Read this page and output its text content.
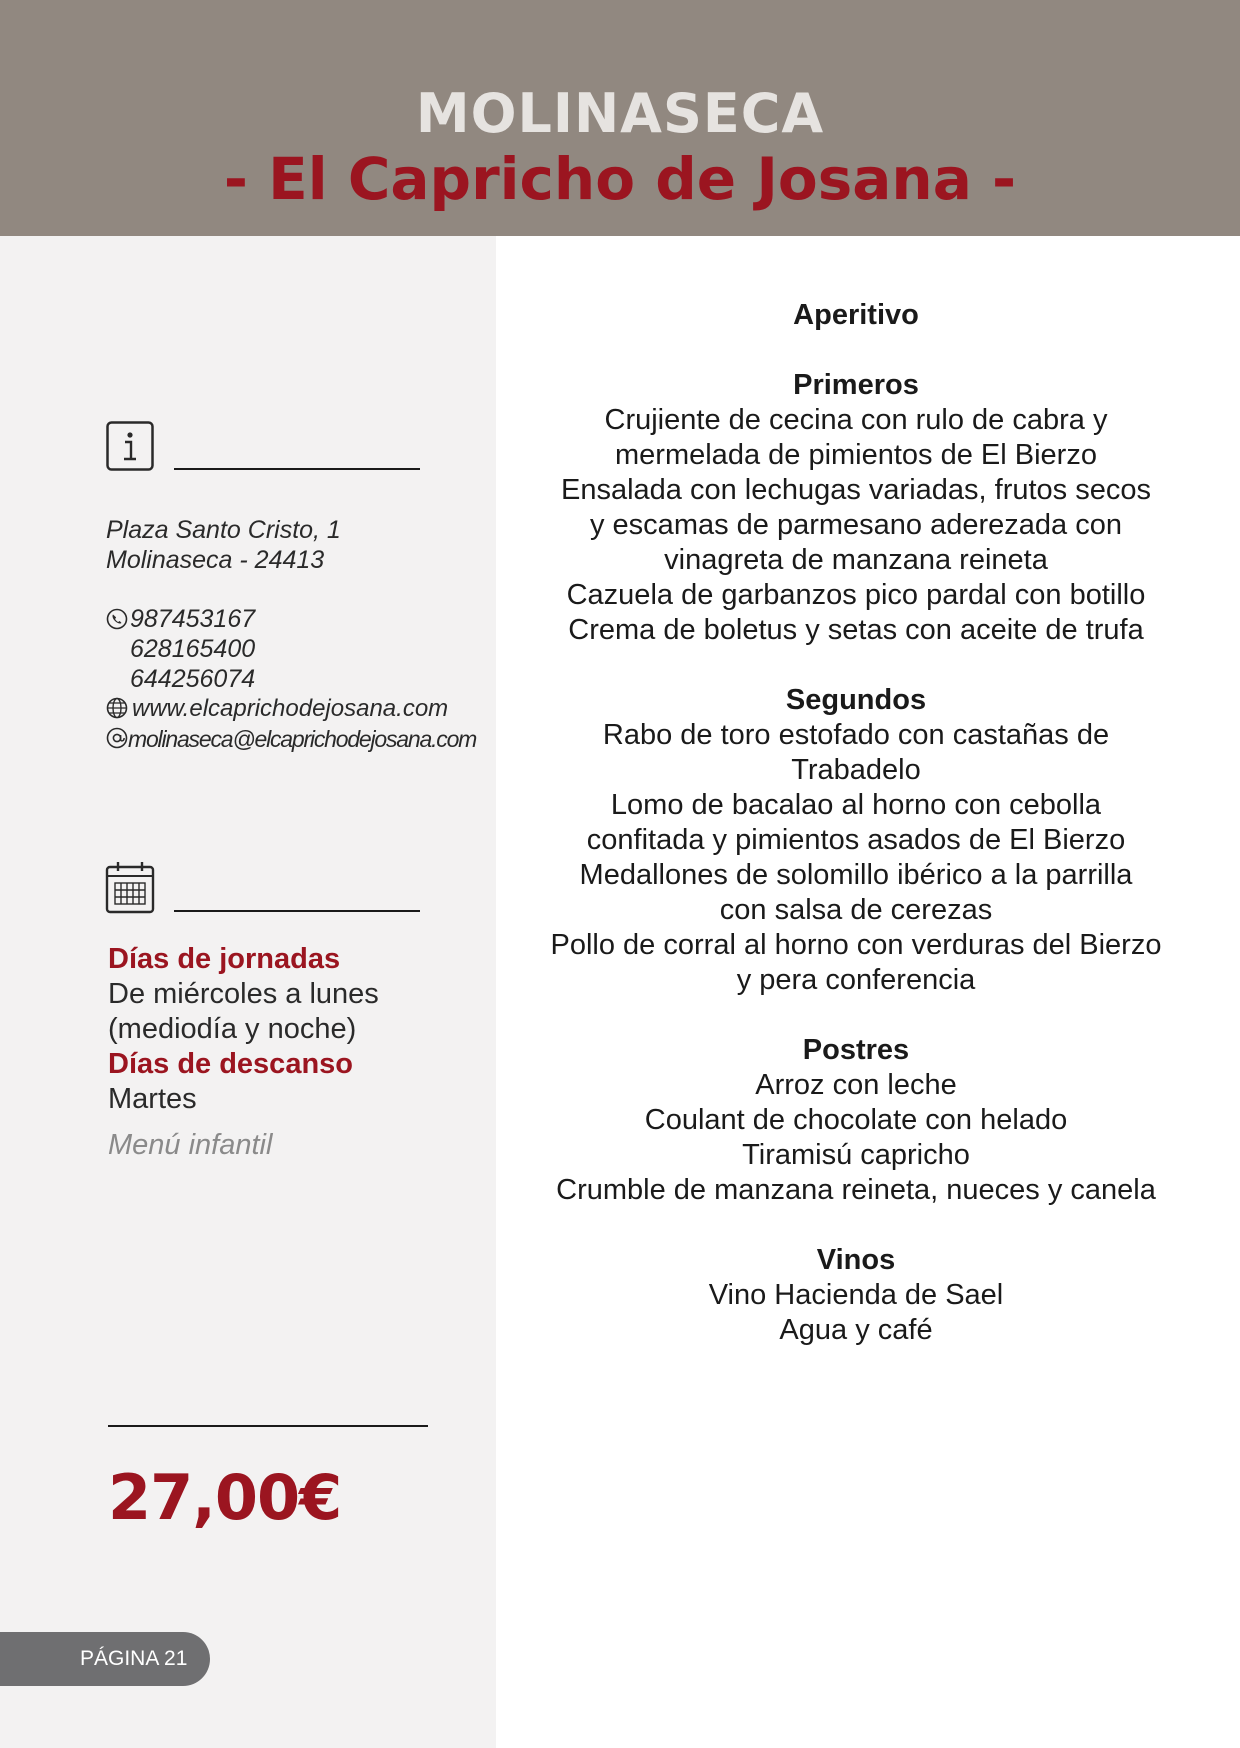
MOLINASECA
- El Capricho de Josana -
Plaza Santo Cristo, 1
Molinaseca - 24413
987453167
628165400
644256074
www.elcaprichodejosana.com
molinaseca@elcaprichodejosana.com
Días de jornadas
De miércoles a lunes
(mediodía y noche)
Días de descanso
Martes
Menú infantil
27,00€
PÁGINA 21
Aperitivo
Primeros
Crujiente de cecina con rulo de cabra y
mermelada de pimientos de El Bierzo
Ensalada con lechugas variadas, frutos secos
y escamas de parmesano aderezada con
vinagreta de manzana reineta
Cazuela de garbanzos pico pardal con botillo
Crema de boletus y setas con aceite de trufa
Segundos
Rabo de toro estofado con castañas de
Trabadelo
Lomo de bacalao al horno con cebolla
confitada y pimientos asados de El Bierzo
Medallones de solomillo ibérico a la parrilla
con salsa de cerezas
Pollo de corral al horno con verduras del Bierzo
y pera conferencia
Postres
Arroz con leche
Coulant de chocolate con helado
Tiramisú capricho
Crumble de manzana reineta, nueces y canela
Vinos
Vino Hacienda de Sael
Agua y café
